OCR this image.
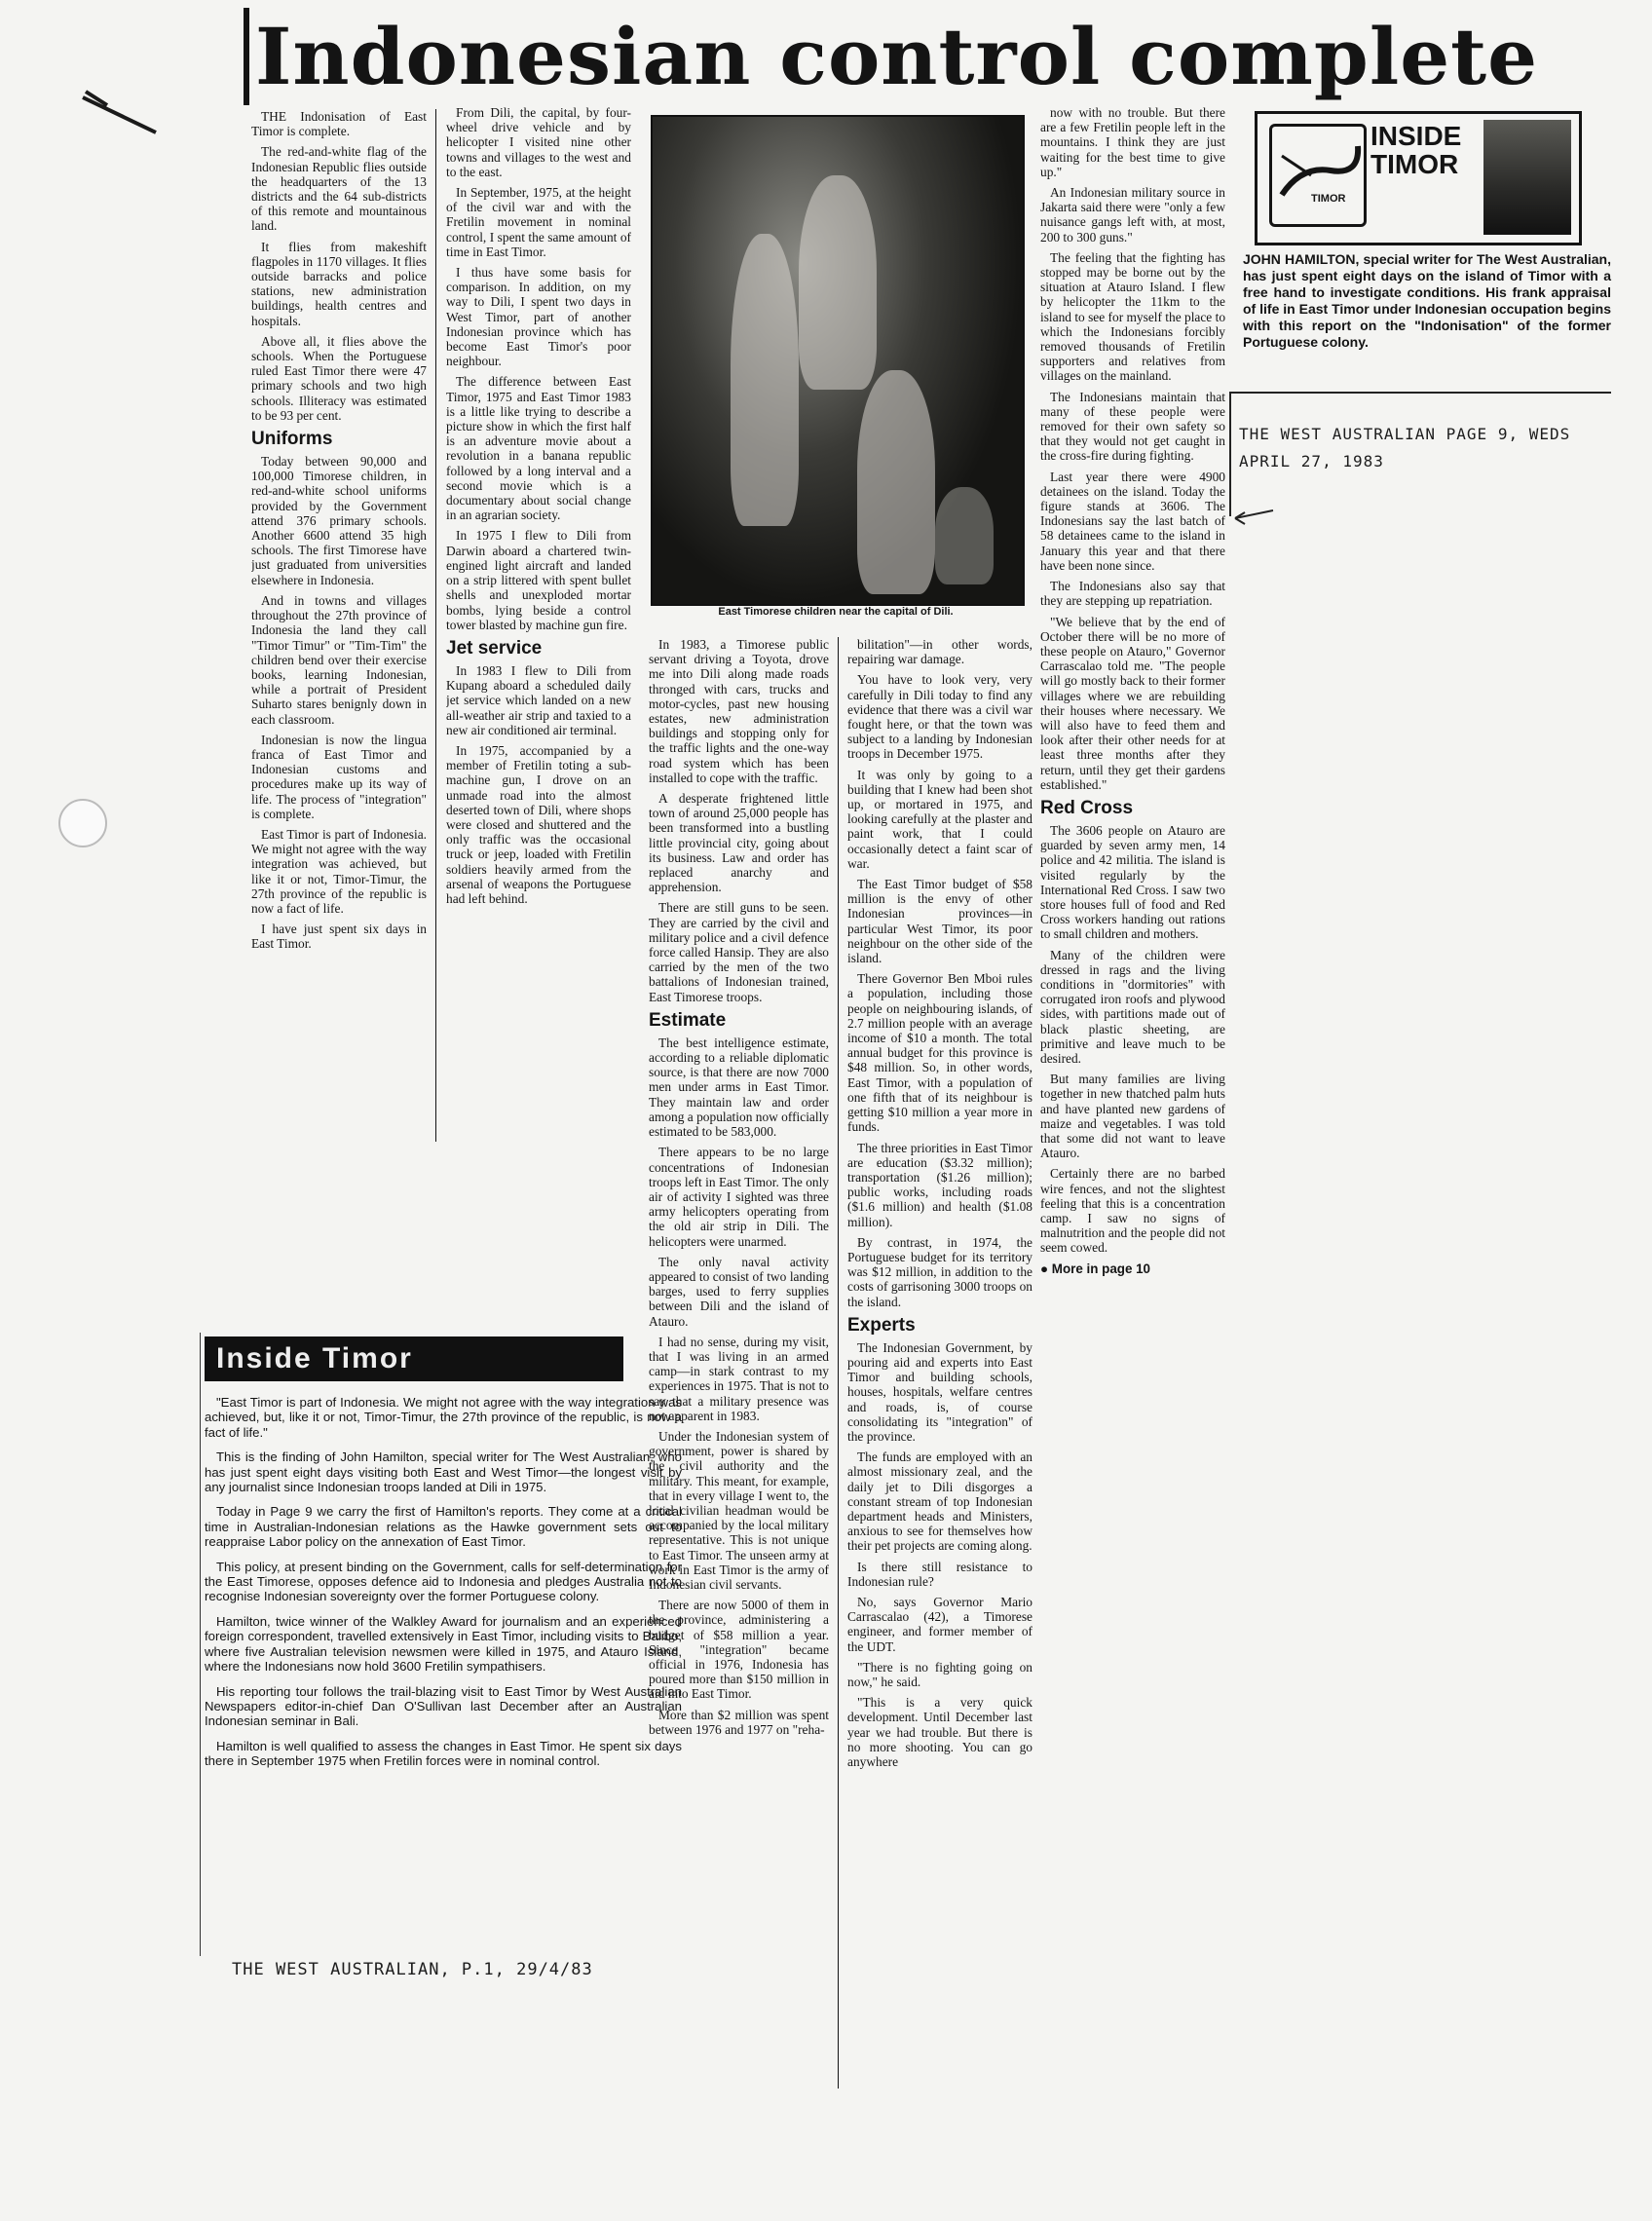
Indonesian control complete

THE Indonisation of East Timor is complete.

The red-and-white flag of the Indonesian Republic flies outside the headquarters of the 13 districts and the 64 sub-districts of this remote and mountainous land.

It flies from makeshift flagpoles in 1170 villages. It flies outside barracks and police stations, new administration buildings, health centres and hospitals.

Above all, it flies above the schools. When the Portuguese ruled East Timor there were 47 primary schools and two high schools. Illiteracy was estimated to be 93 per cent.

Uniforms

Today between 90,000 and 100,000 Timorese children, in red-and-white school uniforms provided by the Government attend 376 primary schools. Another 6600 attend 35 high schools. The first Timorese have just graduated from universities elsewhere in Indonesia.

And in towns and villages throughout the 27th province of Indonesia the land they call "Timor Timur" or "Tim-Tim" the children bend over their exercise books, learning Indonesian, while a portrait of President Suharto stares benignly down in each classroom.

Indonesian is now the lingua franca of East Timor and Indonesian customs and procedures make up its way of life. The process of "integration" is complete.

East Timor is part of Indonesia. We might not agree with the way integration was achieved, but like it or not, Timor-Timur, the 27th province of the republic is now a fact of life.

I have just spent six days in East Timor.

From Dili, the capital, by four-wheel drive vehicle and by helicopter I visited nine other towns and villages to the west and to the east.

In September, 1975, at the height of the civil war and with the Fretilin movement in nominal control, I spent the same amount of time in East Timor.

I thus have some basis for comparison. In addition, on my way to Dili, I spent two days in West Timor, part of another Indonesian province which has become East Timor's poor neighbour.

The difference between East Timor, 1975 and East Timor 1983 is a little like trying to describe a picture show in which the first half is an adventure movie about a revolution in a banana republic followed by a long interval and a second movie which is a documentary about social change in an agrarian society.

In 1975 I flew to Dili from Darwin aboard a chartered twin-engined light aircraft and landed on a strip littered with spent bullet shells and unexploded mortar bombs, lying beside a control tower blasted by machine gun fire.

Jet service

In 1983 I flew to Dili from Kupang aboard a scheduled daily jet service which landed on a new all-weather air strip and taxied to a new air conditioned air terminal.

In 1975, accompanied by a member of Fretilin toting a sub-machine gun, I drove on an unmade road into the almost deserted town of Dili, where shops were closed and shuttered and the only traffic was the occasional truck or jeep, loaded with Fretilin soldiers heavily armed from the arsenal of weapons the Portuguese had left behind.

East Timorese children near the capital of Dili.

In 1983, a Timorese public servant driving a Toyota, drove me into Dili along made roads thronged with cars, trucks and motor-cycles, past new housing estates, new administration buildings and stopping only for the traffic lights and the one-way road system which has been installed to cope with the traffic.

A desperate frightened little town of around 25,000 people has been transformed into a bustling little provincial city, going about its business. Law and order has replaced anarchy and apprehension.

There are still guns to be seen. They are carried by the civil and military police and a civil defence force called Hansip. They are also carried by the men of the two battalions of Indonesian trained, East Timorese troops.

Estimate

The best intelligence estimate, according to a reliable diplomatic source, is that there are now 7000 men under arms in East Timor. They maintain law and order among a population now officially estimated to be 583,000.

There appears to be no large concentrations of Indonesian troops left in East Timor. The only air of activity I sighted was three army helicopters operating from the old air strip in Dili. The helicopters were unarmed.

The only naval activity appeared to consist of two landing barges, used to ferry supplies between Dili and the island of Atauro.

I had no sense, during my visit, that I was living in an armed camp—in stark contrast to my experiences in 1975. That is not to say that a military presence was not apparent in 1983.

Under the Indonesian system of government, power is shared by the civil authority and the military. This meant, for example, that in every village I went to, the local civilian headman would be accompanied by the local military representative. This is not unique to East Timor. The unseen army at work in East Timor is the army of Indonesian civil servants.

There are now 5000 of them in the province, administering a budget of $58 million a year. Since "integration" became official in 1976, Indonesia has poured more than $150 million in aid into East Timor.

More than $2 million was spent between 1976 and 1977 on "reha-

bilitation"—in other words, repairing war damage.

You have to look very, very carefully in Dili today to find any evidence that there was a civil war fought here, or that the town was subject to a landing by Indonesian troops in December 1975.

It was only by going to a building that I knew had been shot up, or mortared in 1975, and looking carefully at the plaster and paint work, that I could occasionally detect a faint scar of war.

The East Timor budget of $58 million is the envy of other Indonesian provinces—in particular West Timor, its poor neighbour on the other side of the island.

There Governor Ben Mboi rules a population, including those people on neighbouring islands, of 2.7 million people with an average income of $10 a month. The total annual budget for this province is $48 million. So, in other words, East Timor, with a population of one fifth that of its neighbour is getting $10 million a year more in funds.

The three priorities in East Timor are education ($3.32 million); transportation ($1.26 million); public works, including roads ($1.6 million) and health ($1.08 million).

By contrast, in 1974, the Portuguese budget for its territory was $12 million, in addition to the costs of garrisoning 3000 troops on the island.

Experts

The Indonesian Government, by pouring aid and experts into East Timor and building schools, houses, hospitals, welfare centres and roads, is, of course consolidating its "integration" of the province.

The funds are employed with an almost missionary zeal, and the daily jet to Dili disgorges a constant stream of top Indonesian department heads and Ministers, anxious to see for themselves how their pet projects are coming along.

Is there still resistance to Indonesian rule?

No, says Governor Mario Carrascalao (42), a Timorese engineer, and former member of the UDT.

"There is no fighting going on now," he said.

"This is a very quick development. Until December last year we had trouble. But there is no more shooting. You can go anywhere

now with no trouble. But there are a few Fretilin people left in the mountains. I think they are just waiting for the best time to give up."

An Indonesian military source in Jakarta said there were "only a few nuisance gangs left with, at most, 200 to 300 guns."

The feeling that the fighting has stopped may be borne out by the situation at Atauro Island. I flew by helicopter the 11km to the island to see for myself the place to which the Indonesians forcibly removed thousands of Fretilin supporters and relatives from villages on the mainland.

The Indonesians maintain that many of these people were removed for their own safety so that they would not get caught in the cross-fire during fighting.

Last year there were 4900 detainees on the island. Today the figure stands at 3606. The Indonesians say the last batch of 58 detainees came to the island in January this year and that there have been none since.

The Indonesians also say that they are stepping up repatriation.

"We believe that by the end of October there will be no more of these people on Atauro," Governor Carrascalao told me. "The people will go mostly back to their former villages where we are rebuilding their houses where necessary. We will also have to feed them and look after their other needs for at least three months after they return, until they get their gardens established."

Red Cross

The 3606 people on Atauro are guarded by seven army men, 14 police and 42 militia. The island is visited regularly by the International Red Cross. I saw two store houses full of food and Red Cross workers handing out rations to small children and mothers.

Many of the children were dressed in rags and the living conditions in "dormitories" with corrugated iron roofs and plywood sides, with partitions made out of black plastic sheeting, are primitive and leave much to be desired.

But many families are living together in new thatched palm huts and have planted new gardens of maize and vegetables. I was told that some did not want to leave Atauro.

Certainly there are no barbed wire fences, and not the slightest feeling that this is a concentration camp. I saw no signs of malnutrition and the people did not seem cowed.

● More in page 10
TIMOR
INSIDE TIMOR
JOHN HAMILTON, special writer for The West Australian, has just spent eight days on the island of Timor with a free hand to investigate conditions. His frank appraisal of life in East Timor under Indonesian occupation begins with this report on the "Indonisation" of the former Portuguese colony.
THE WEST AUSTRALIAN PAGE 9, WEDS APRIL 27, 1983
Inside Timor

"East Timor is part of Indonesia. We might not agree with the way integration was achieved, but, like it or not, Timor-Timur, the 27th province of the republic, is now a fact of life."

This is the finding of John Hamilton, special writer for The West Australian, who has just spent eight days visiting both East and West Timor—the longest visit by any journalist since Indonesian troops landed at Dili in 1975.

Today in Page 9 we carry the first of Hamilton's reports. They come at a critical time in Australian-Indonesian relations as the Hawke government sets out to reappraise Labor policy on the annexation of East Timor.

This policy, at present binding on the Government, calls for self-determination for the East Timorese, opposes defence aid to Indonesia and pledges Australia not to recognise Indonesian sovereignty over the former Portuguese colony.

Hamilton, twice winner of the Walkley Award for journalism and an experienced foreign correspondent, travelled extensively in East Timor, including visits to Balibo, where five Australian television newsmen were killed in 1975, and Atauro Island, where the Indonesians now hold 3600 Fretilin sympathisers.

His reporting tour follows the trail-blazing visit to East Timor by West Australian Newspapers editor-in-chief Dan O'Sullivan last December after an Australian Indonesian seminar in Bali.

Hamilton is well qualified to assess the changes in East Timor. He spent six days there in September 1975 when Fretilin forces were in nominal control.

THE WEST AUSTRALIAN, P.1, 29/4/83
